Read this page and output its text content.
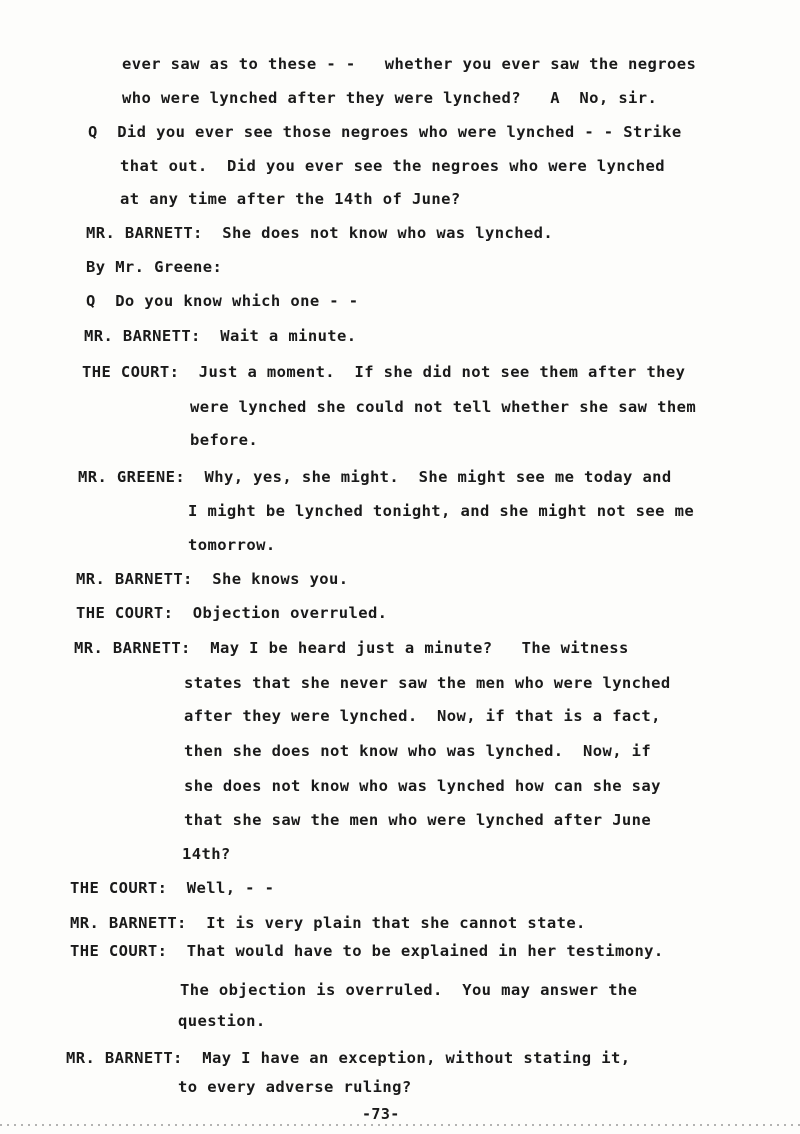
ever saw as to these - -   whether you ever saw the negroes
who were lynched after they were lynched?   A  No, sir.
Q  Did you ever see those negroes who were lynched - - Strike
that out.  Did you ever see the negroes who were lynched
at any time after the 14th of June?
MR. BARNETT:  She does not know who was lynched.
By Mr. Greene:
Q  Do you know which one - -
MR. BARNETT:  Wait a minute.
THE COURT:  Just a moment.  If she did not see them after they
were lynched she could not tell whether she saw them
before.
MR. GREENE:  Why, yes, she might.  She might see me today and
I might be lynched tonight, and she might not see me
tomorrow.
MR. BARNETT:  She knows you.
THE COURT:  Objection overruled.
MR. BARNETT:  May I be heard just a minute?   The witness
states that she never saw the men who were lynched
after they were lynched.  Now, if that is a fact,
then she does not know who was lynched.  Now, if
she does not know who was lynched how can she say
that she saw the men who were lynched after June
14th?
THE COURT:  Well, - -
MR. BARNETT:  It is very plain that she cannot state.
THE COURT:  That would have to be explained in her testimony.
The objection is overruled.  You may answer the
question.
MR. BARNETT:  May I have an exception, without stating it,
to every adverse ruling?
-73-
